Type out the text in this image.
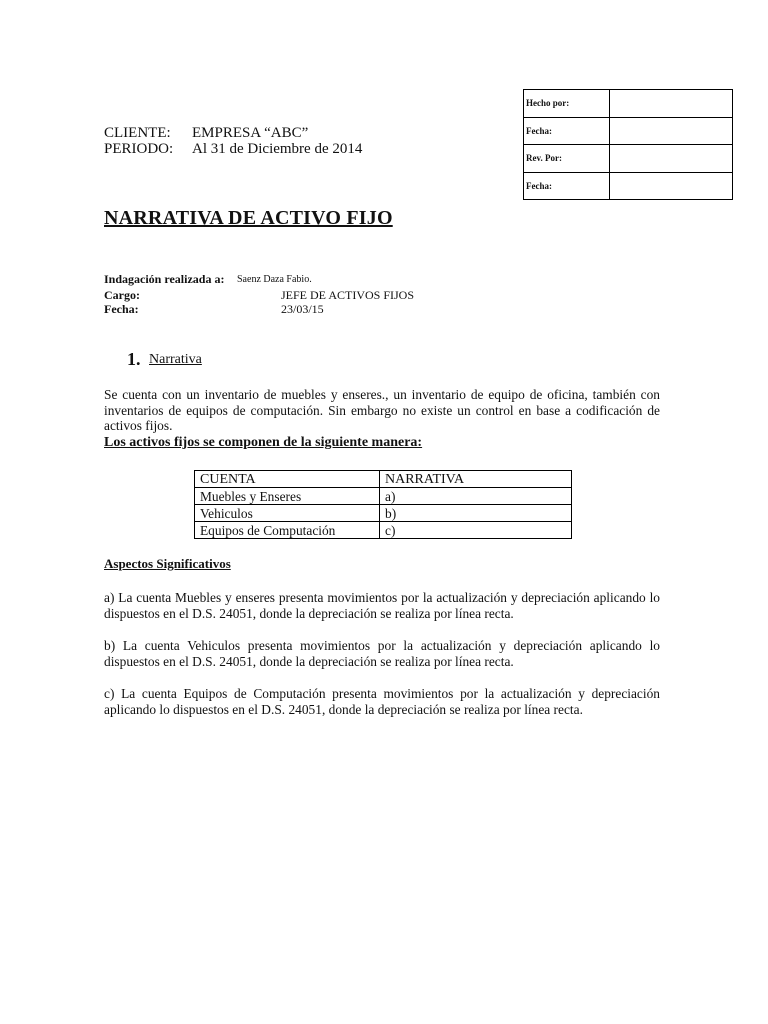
Hecho por:	
Fecha:	
Rev. Por:	
Fecha:	
CLIENTE: EMPRESA “ABC”
PERIODO: Al 31 de Diciembre de 2014
NARRATIVA DE ACTIVO FIJO
Indagación realizada a: Saenz Daza Fabio.
Cargo:	JEFE DE ACTIVOS FIJOS
Fecha:	23/03/15
1. Narrativa
Se cuenta con un inventario de muebles y enseres., un inventario de equipo de oficina, también con inventarios de equipos de computación. Sin embargo no existe un control en base a codificación de activos fijos.
Los activos fijos se componen de la siguiente manera:
CUENTA	NARRATIVA
Muebles y Enseres	a)
Vehiculos	b)
Equipos de Computación	c)
Aspectos Significativos
a) La cuenta Muebles y enseres presenta movimientos por la actualización y depreciación aplicando lo dispuestos en el D.S. 24051, donde la depreciación se realiza por línea recta.
b) La cuenta Vehiculos presenta movimientos por la actualización y depreciación aplicando lo dispuestos en el D.S. 24051, donde la depreciación se realiza por línea recta.
c) La cuenta Equipos de Computación presenta movimientos por la actualización y depreciación aplicando lo dispuestos en el D.S. 24051, donde la depreciación se realiza por línea recta.
